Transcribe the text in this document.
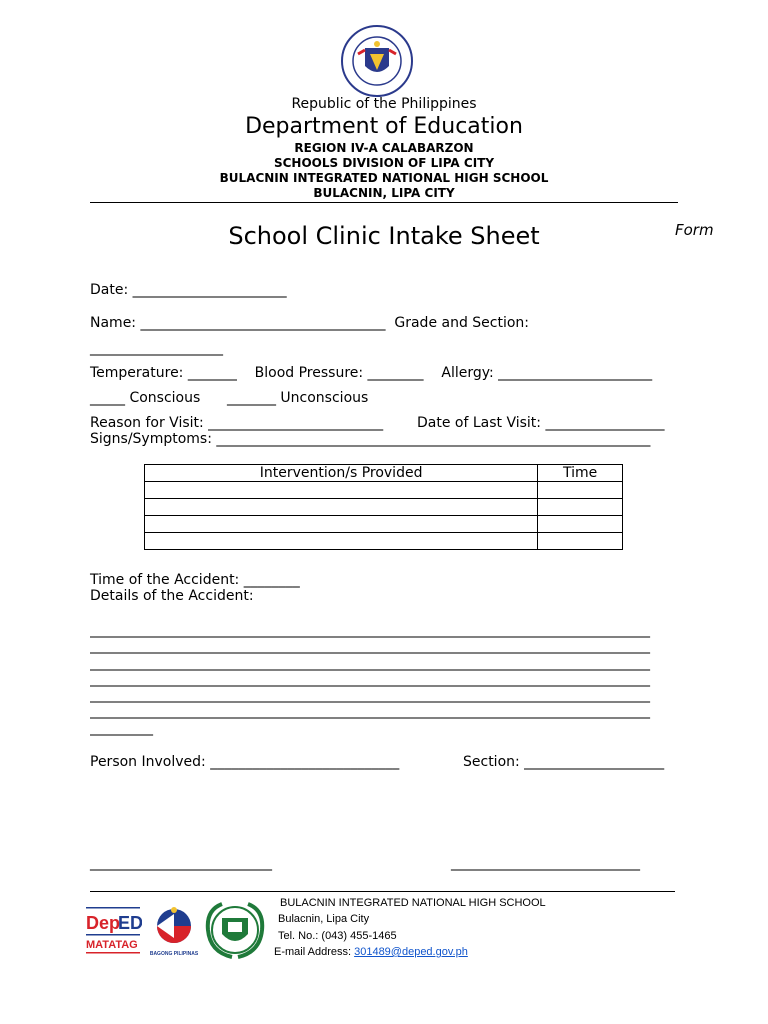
Republic of the Philippines
Department of Education
REGION IV-A CALABARZON
SCHOOLS DIVISION OF LIPA CITY
BULACNIN INTEGRATED NATIONAL HIGH SCHOOL
BULACNIN, LIPA CITY
School Clinic Intake Sheet	Form
Date: ______________________
Name: ___________________________________  Grade and Section:
___________________
Temperature: _______    Blood Pressure: ________    Allergy: ______________________
_____ Conscious      _______ Unconscious
Reason for Visit: _________________________ Date of Last Visit: _________________
Signs/Symptoms: ______________________________________________________________
Intervention/s Provided	Time

Time of the Accident: ________
Details of the Accident:
________________________________________________________________________________
________________________________________________________________________________
________________________________________________________________________________
________________________________________________________________________________
________________________________________________________________________________
________________________________________________________________________________
_________
Person Involved: ___________________________	Section: ____________________
__________________________	___________________________
Dep
ED
MATATAG
BAGONG PILIPINAS
BULACNIN INTEGRATED NATIONAL HIGH SCHOOL
Bulacnin, Lipa City
Tel. No.: (043) 455-1465
E-mail Address: 301489@deped.gov.ph
